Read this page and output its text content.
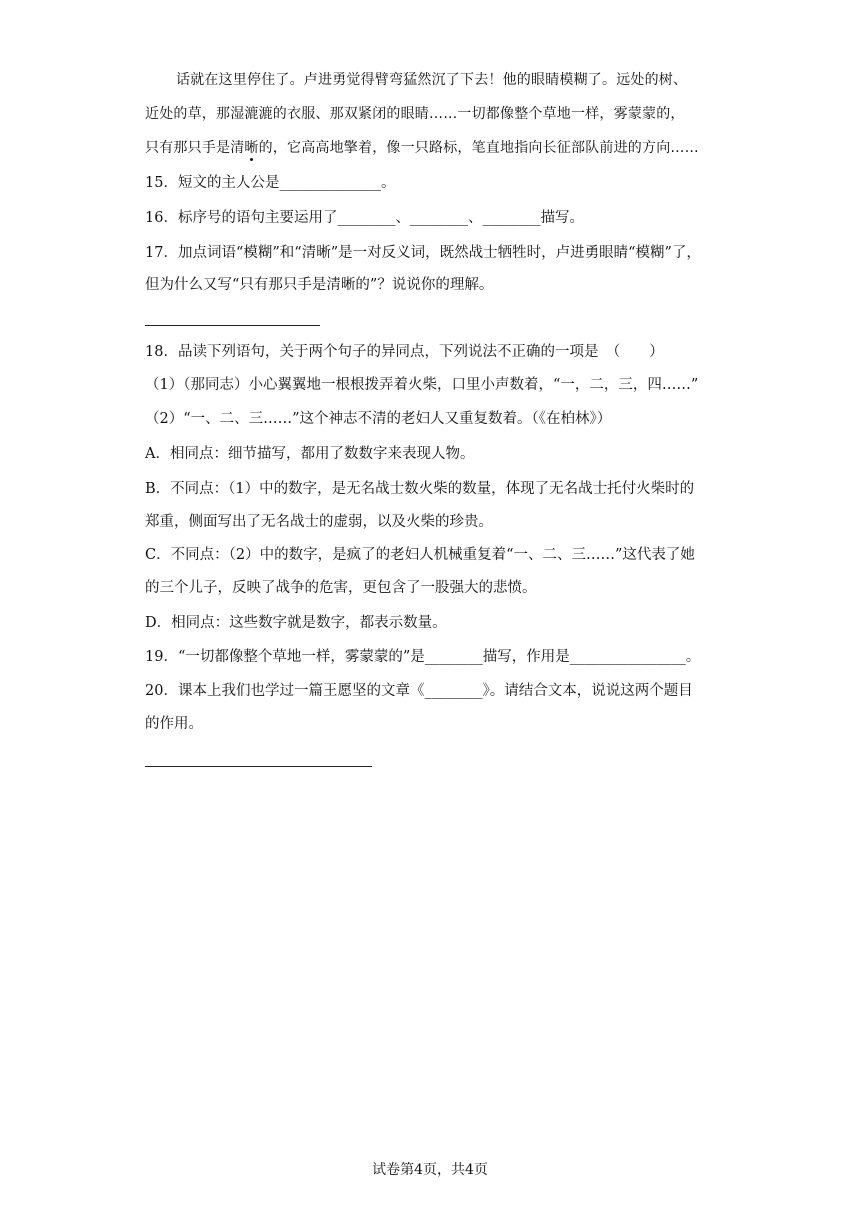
话就在这里停住了。卢进勇觉得臂弯猛然沉了下去！他的眼睛模糊了。远处的树、
近处的草，那湿漉漉的衣服、那双紧闭的眼睛……一切都像整个草地一样，雾蒙蒙的，
只有那只手是清晰的，它高高地擎着，像一只路标，笔直地指向长征部队前进的方向……
15．短文的主人公是______________。
16．标序号的语句主要运用了________、________、________描写。
17．加点词语“模糊”和“清晰”是一对反义词，既然战士牺牲时，卢进勇眼睛“模糊”了，
但为什么又写“只有那只手是清晰的”？说说你的理解。
18．品读下列语句，关于两个句子的异同点，下列说法不正确的一项是　（　　）
（1）（那同志）小心翼翼地一根根拨弄着火柴，口里小声数着，“一，二，三，四……”
（2）“一、二、三……”这个神志不清的老妇人又重复数着。（《在柏林》）
A．相同点：细节描写，都用了数数字来表现人物。
B．不同点：（1）中的数字，是无名战士数火柴的数量，体现了无名战士托付火柴时的
郑重，侧面写出了无名战士的虚弱，以及火柴的珍贵。
C．不同点：（2）中的数字，是疯了的老妇人机械重复着“一、二、三……”这代表了她
的三个儿子，反映了战争的危害，更包含了一股强大的悲愤。
D．相同点：这些数字就是数字，都表示数量。
19．“一切都像整个草地一样，雾蒙蒙的”是________描写，作用是________________。
20．课本上我们也学过一篇王愿坚的文章《________》。请结合文本，说说这两个题目
的作用。
试卷第4页，共4页
